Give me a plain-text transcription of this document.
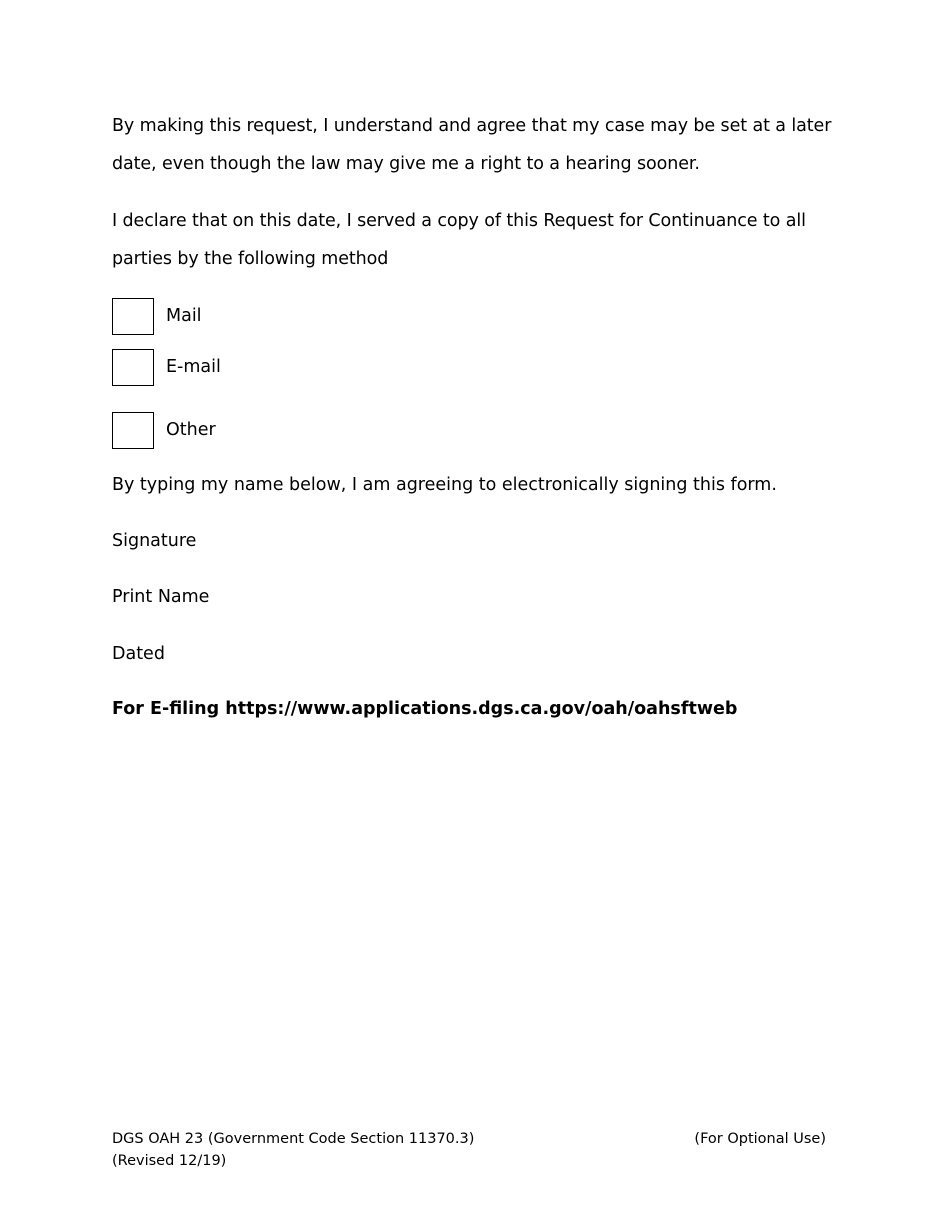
By making this request, I understand and agree that my case may be set at a later date, even though the law may give me a right to a hearing sooner.

I declare that on this date, I served a copy of this Request for Continuance to all parties by the following method

Mail
E-mail
Other

By typing my name below, I am agreeing to electronically signing this form.

Signature

Print Name

Dated

For E-filing https://www.applications.dgs.ca.gov/oah/oahsftweb

DGS OAH 23 (Government Code Section 11370.3)

(Revised 12/19)

(For Optional Use)
